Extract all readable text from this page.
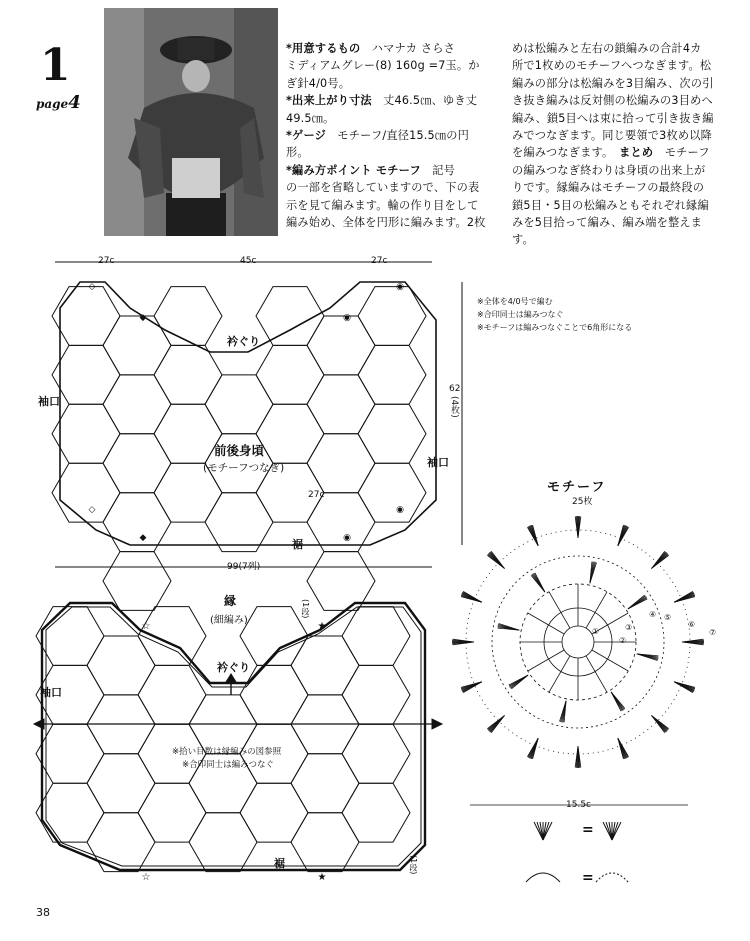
1
page4
*用意するもの　ハマナカ さらさ
ミディアムグレー(8) 160g =7玉。か
ぎ針4/0号。
*出来上がり寸法　丈46.5㎝、ゆき丈
49.5㎝。
*ゲージ　モチーフ/直径15.5㎝の円
形。
*編み方ポイント モチーフ　記号
の一部を省略していますので、下の表
示を見て編みます。輪の作り目をして
編み始め、全体を円形に編みます。2枚
めは松編みと左右の鎖編みの合計4カ
所で1枚めのモチーフへつなぎます。松
編みの部分は松編みを3目編み、次の引
き抜き編みは反対側の松編みの3目めへ
編み、鎖5目へは束に拾って引き抜き編
みでつなぎます。同じ要領で3枚め以降
を編みつなぎます。　まとめ　モチーフ
の編みつなぎ終わりは身頃の出来上が
りです。縁編みはモチーフの最終段の
鎖5目・5目の松編みともそれぞれ縁編
みを5目拾って編み、編み端を整えます。
◇
◆	◉
◉
◇
◆	◉
◉
☆	★
☆	★
①
②
③
④ ⑤
⑥
⑦
27c	45c	27c
62
(4枚)
99(7列)
27c
衿ぐり
袖口
袖口
前後身頃
(モチーフつなぎ)
裾
※全体を4/0号で編む
※合印同士は編みつなぐ
※モチーフは編みつなぐことで6角形になる
縁
(細編み)
衿ぐり
袖口
裾
(1段)
(1段)
※拾い目数は縁編みの図参照
※合印同士は編みつなぐ
モチーフ
25枚
15.5c
=
=
38
